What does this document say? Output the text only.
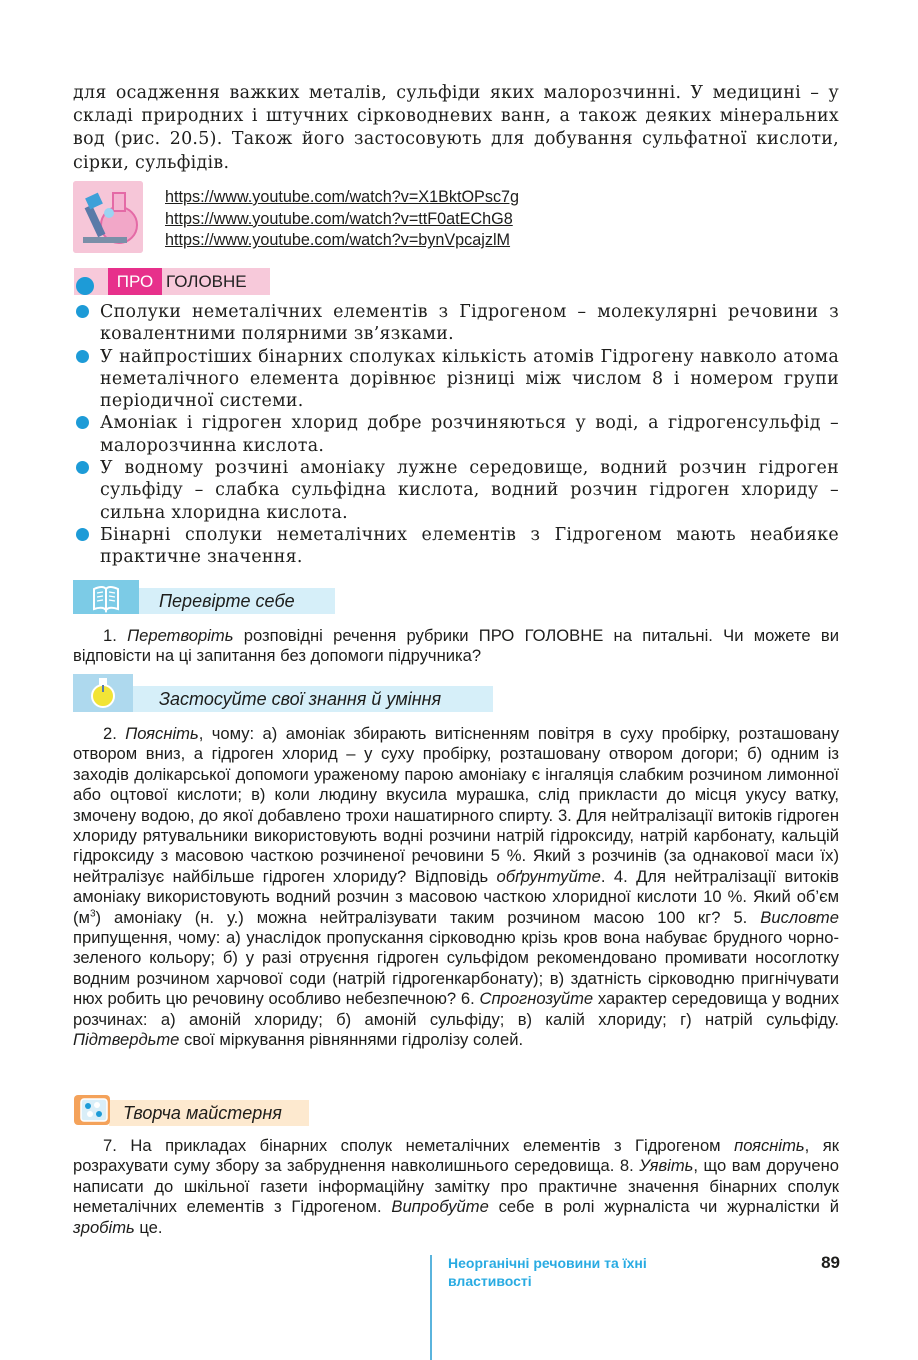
для осадження важких металів, сульфіди яких малорозчинні. У медицині – у складі природних і штучних сірководневих ванн, а також деяких мінеральних вод (рис. 20.5). Також його застосовують для добування сульфатної кислоти, сірки, сульфідів.

https://www.youtube.com/watch?v=X1BktOPsc7g
https://www.youtube.com/watch?v=ttF0atEChG8
https://www.youtube.com/watch?v=bynVpcajzlM
ПРО ГОЛОВНЕ
Сполуки неметалічних елементів з Гідрогеном – молекулярні речовини з ковалентними полярними зв’язками.
У найпростіших бінарних сполуках кількість атомів Гідрогену навколо атома неметалічного елемента дорівнює різниці між числом 8 і номером групи періодичної системи.
Амоніак і гідроген хлорид добре розчиняються у воді, а гідрогенсульфід – малорозчинна кислота.
У водному розчині амоніаку лужне середовище, водний розчин гідроген сульфіду – слабка сульфідна кислота, водний розчин гідроген хлориду – сильна хлоридна кислота.
Бінарні сполуки неметалічних елементів з Гідрогеном мають неабияке практичне значення.
Перевірте себе

1. Перетворіть розповідні речення рубрики ПРО ГОЛОВНЕ на питальні. Чи можете ви відповісти на ці запитання без допомоги підручника?

Застосуйте свої знання й уміння

2. Поясніть, чому: а) амоніак збирають витісненням повітря в суху пробірку, розташовану отвором вниз, а гідроген хлорид – у суху пробірку, розташовану отвором догори; б) одним із заходів долікарської допомоги ураженому парою амоніаку є інгаляція слабким розчином лимонної або оцтової кислоти; в) коли людину вкусила мурашка, слід прикласти до місця укусу ватку, змочену водою, до якої добавлено трохи нашатирного спирту. 3. Для нейтралізації витоків гідроген хлориду рятувальники використовують водні розчини натрій гідроксиду, натрій карбонату, кальцій гідроксиду з масовою часткою розчиненої речовини 5 %. Який з розчинів (за однакової маси їх) нейтралізує найбільше гідроген хлориду? Відповідь обґрунтуйте. 4. Для нейтралізації витоків амоніаку використовують водний розчин з масовою часткою хлоридної кислоти 10 %. Який об’єм $(м^3)$ амоніаку (н. у.) можна нейтралізувати таким розчином масою 100 кг? 5. Висловте припущення, чому: а) унаслідок пропускання сірководню крізь кров вона набуває брудного чорно-зеленого кольору; б) у разі отруєння гідроген сульфідом рекомендовано промивати носоглотку водним розчином харчової соди (натрій гідрогенкарбонату); в) здатність сірководню пригнічувати нюх робить цю речовину особливо небезпечною? 6. Спрогнозуйте характер середовища у водних розчинах: а) амоній хлориду; б) амоній сульфіду; в) калій хлориду; г) натрій сульфіду. Підтвердьте свої міркування рівняннями гідролізу солей.

Творча майстерня

7. На прикладах бінарних сполук неметалічних елементів з Гідрогеном поясніть, як розрахувати суму збору за забруднення навколишнього середовища. 8. Уявіть, що вам доручено написати до шкільної газети інформаційну замітку про практичне значення бінарних сполук неметалічних елементів з Гідрогеном. Випробуйте себе в ролі журналіста чи журналістки й зробіть це.

Неорганічні речовини та їхні властивості
89
